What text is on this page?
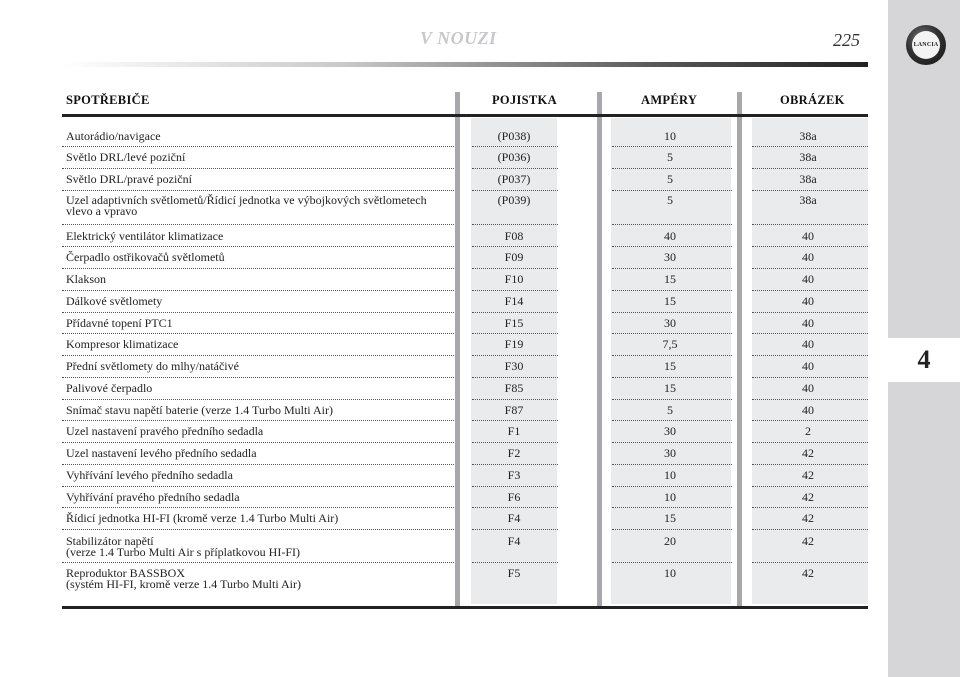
V NOUZI	225	LANCIA
4
SPOTŘEBIČE	POJISTKA	AMPÉRY	OBRÁZEK
Autorádio/navigace	(P038)	10	38a
Světlo DRL/levé poziční	(P036)	5	38a
Světlo DRL/pravé poziční	(P037)	5	38a
Uzel adaptivních světlometů/Řídicí jednotka ve výbojkových světlometech
vlevo a vpravo
(P039)	5	38a
Elektrický ventilátor klimatizace	F08	40	40
Čerpadlo ostřikovačů světlometů	F09	30	40
Klakson	F10	15	40
Dálkové světlomety	F14	15	40
Přídavné topení PTC1	F15	30	40
Kompresor klimatizace	F19	7,5	40
Přední světlomety do mlhy/natáčivé	F30	15	40
Palivové čerpadlo	F85	15	40
Snímač stavu napětí baterie (verze 1.4 Turbo Multi Air)	F87	5	40
Uzel nastavení pravého předního sedadla	F1	30	2
Uzel nastavení levého předního sedadla	F2	30	42
Vyhřívání levého předního sedadla	F3	10	42
Vyhřívání pravého předního sedadla	F6	10	42
Řídicí jednotka HI-FI (kromě verze 1.4 Turbo Multi Air)	F4	15	42
Stabilizátor napětí
(verze 1.4 Turbo Multi Air s příplatkovou HI-FI)
F4	20	42
Reproduktor BASSBOX
(systém HI-FI, kromě verze 1.4 Turbo Multi Air)
F5	10	42
